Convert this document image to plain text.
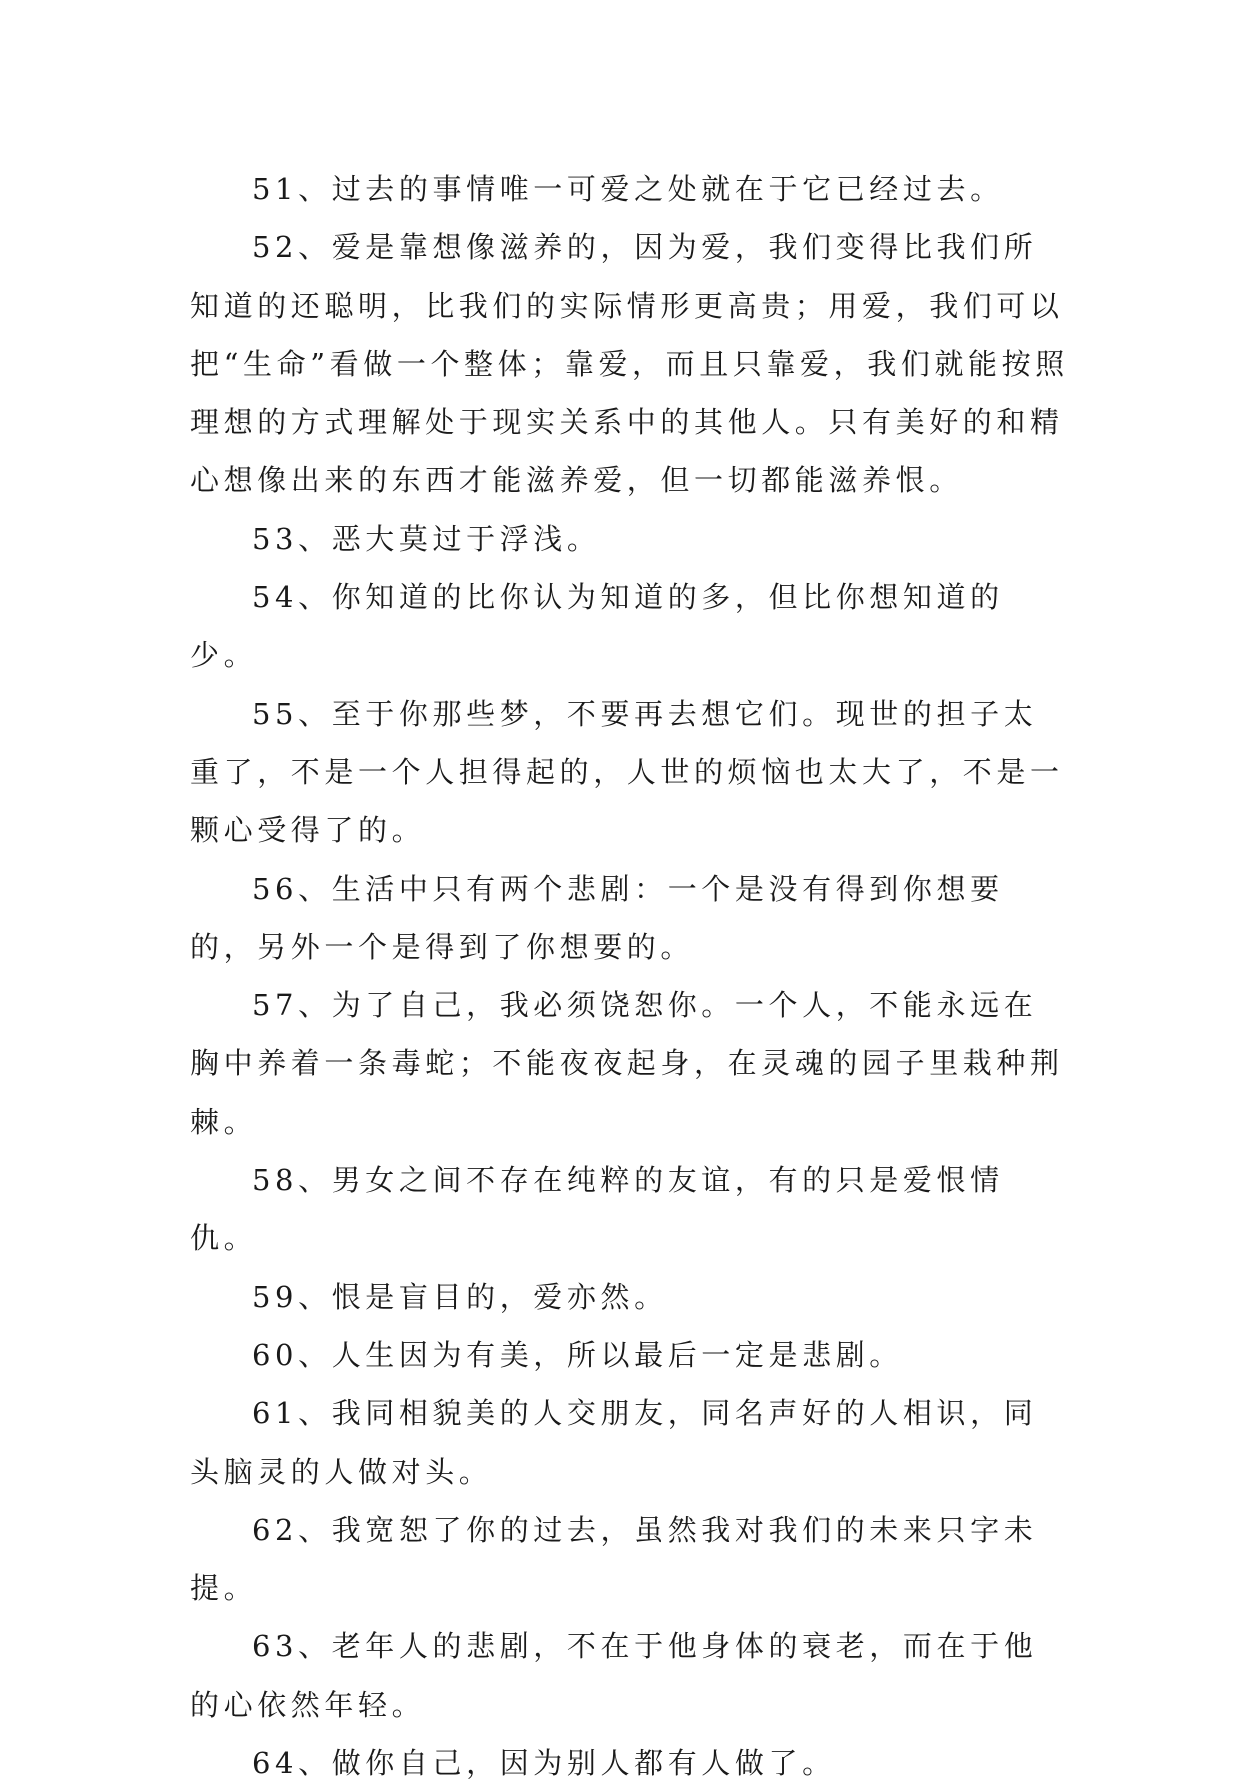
51、过去的事情唯一可爱之处就在于它已经过去。

52、爱是靠想像滋养的，因为爱，我们变得比我们所知道的还聪明，比我们的实际情形更高贵；用爱，我们可以把“生命”看做一个整体；靠爱，而且只靠爱，我们就能按照理想的方式理解处于现实关系中的其他人。只有美好的和精心想像出来的东西才能滋养爱，但一切都能滋养恨。

53、恶大莫过于浮浅。

54、你知道的比你认为知道的多，但比你想知道的少。

55、至于你那些梦，不要再去想它们。现世的担子太重了，不是一个人担得起的，人世的烦恼也太大了，不是一颗心受得了的。

56、生活中只有两个悲剧：一个是没有得到你想要的，另外一个是得到了你想要的。

57、为了自己，我必须饶恕你。一个人，不能永远在胸中养着一条毒蛇；不能夜夜起身，在灵魂的园子里栽种荆棘。

58、男女之间不存在纯粹的友谊，有的只是爱恨情仇。

59、恨是盲目的，爱亦然。

60、人生因为有美，所以最后一定是悲剧。

61、我同相貌美的人交朋友，同名声好的人相识，同头脑灵的人做对头。

62、我宽恕了你的过去，虽然我对我们的未来只字未提。

63、老年人的悲剧，不在于他身体的衰老，而在于他的心依然年轻。

64、做你自己，因为别人都有人做了。
